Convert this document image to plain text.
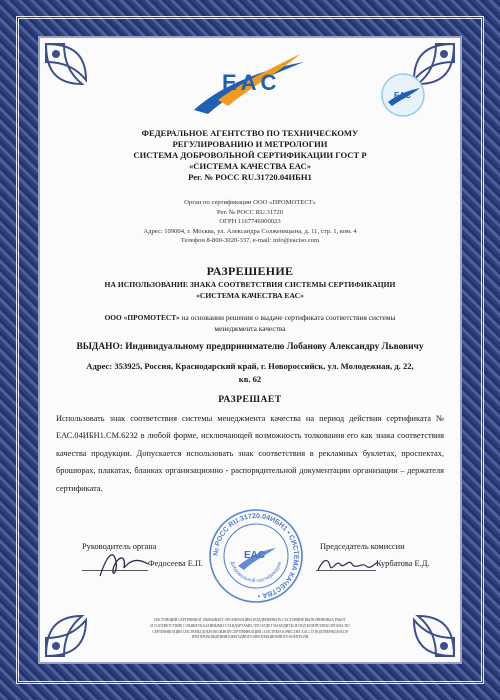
EAC
EAC
ФЕДЕРАЛЬНОЕ АГЕНТСТВО ПО ТЕХНИЧЕСКОМУ
РЕГУЛИРОВАНИЮ И МЕТРОЛОГИИ
СИСТЕМА ДОБРОВОЛЬНОЙ СЕРТИФИКАЦИИ ГОСТ Р
«СИСТЕМА КАЧЕСТВА ЕАС»
Рег. № РОСС RU.31720.04ИБН1
Орган по сертификации ООО «ПРОМОТЕСТ»
Рег. № РОСС RU.31720
ОГРН 1167746900023
Адрес: 109004, г. Москва, ул. Александра Солженицына, д. 11, стр. 1, ком. 4
Телефон 8-800-3020-337, e-mail: info@eaciso.com
РАЗРЕШЕНИЕ
НА ИСПОЛЬЗОВАНИЕ ЗНАКА СООТВЕТСТВИЯ СИСТЕМЫ СЕРТИФИКАЦИИ
«СИСТЕМА КАЧЕСТВА ЕАС»
ООО «ПРОМОТЕСТ» на основании решения о выдаче сертификата соответствия системы
менеджмента качества
ВЫДАНО: Индивидуальному предпринимателю Лобанову Александру Львовичу
Адрес: 353925, Россия, Краснодарский край, г. Новороссийск, ул. Молодежная, д. 22,
кв. 62
РАЗРЕШАЕТ
Использовать знак соответствия системы менеджмента качества на период действия сертификата № ЕАС.04ИБН1.СМ.6232 в любой форме, исключающей возможность толкования его как знака соответствия качества продукции. Допускается использовать знак соответствия в рекламных буклетах, проспектах, брошюрах, плакатах, бланках организационно - распорядительной документации организации – держателя сертификата.
Руководитель органа
Федосеева Е.П.
Председатель комиссии
Курбатова Е.Д.
№ РОСС RU.31720.04ИБН1 • СИСТЕМА КАЧЕСТВА •
Добровольной сертификации
EAC
НАСТОЯЩИЙ СЕРТИФИКАТ ОБЯЗЫВАЕТ ОРГАНИЗАЦИЮ ПОДДЕРЖИВАТЬ СОСТОЯНИЕ ВЫПОЛНЯЕМЫХ РАБОТ
И СООТВЕТСТВИЕ С ВЫШЕУКАЗАННЫМИ СТАНДАРТАМИ, ЧТО БУДЕТ НАХОДИТЬСЯ ПОД КОНТРОЛЕМ ОРГАНА ПО
СЕРТИФИКАЦИИ СИСТЕМЫ ДОБРОВОЛЬНОЙ СЕРТИФИКАЦИИ «СИСТЕМА КАЧЕСТВА ЕАС» И ПОДТВЕРЖДАТЬСЯ
ПРИ ПРОХОЖДЕНИИ ЕЖЕГОДНОГО ИНСПЕКЦИОННОГО КОНТРОЛЯ
